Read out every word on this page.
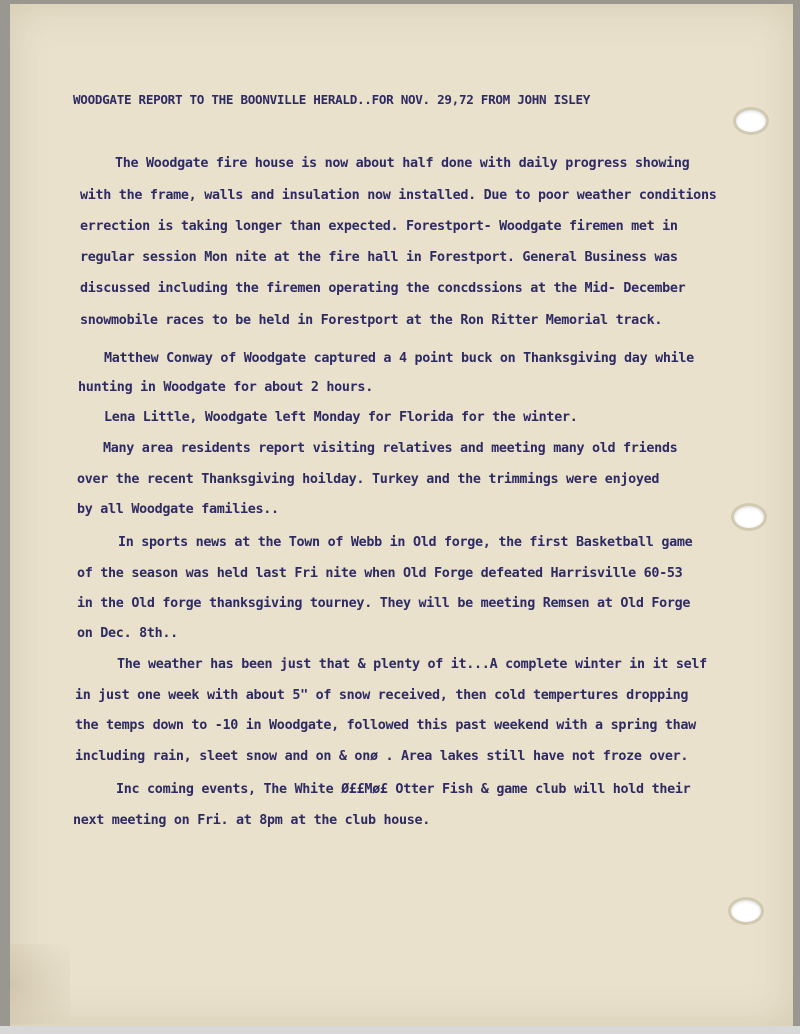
WOODGATE REPORT TO THE BOONVILLE HERALD..FOR NOV. 29,72 FROM JOHN ISLEY

The Woodgate fire house is now about half done with daily progress showing

with the frame, walls and insulation now installed. Due to poor weather conditions

errection is taking longer than expected. Forestport- Woodgate firemen met in

regular session Mon nite at the fire hall in Forestport. General Business was

discussed including the firemen operating the concdssions at the Mid- December

snowmobile races to be held in Forestport at the Ron Ritter Memorial track.

Matthew Conway of Woodgate captured a 4 point buck on Thanksgiving day while

hunting in Woodgate for about 2 hours.

Lena Little, Woodgate left Monday for Florida for the winter.

Many area residents report visiting relatives and meeting many old friends

over the recent Thanksgiving hoilday. Turkey and the trimmings were enjoyed

by all Woodgate families..

In sports news at the Town of Webb in Old forge, the first Basketball game

of the season was held last Fri nite when Old Forge defeated Harrisville 60-53

in the Old forge thanksgiving tourney. They will be meeting Remsen at Old Forge

on Dec. 8th..

The weather has been just that & plenty of it...A complete winter in it self

in just one week with about 5" of snow received, then cold tempertures dropping

the temps down to -10 in Woodgate, followed this past weekend with a spring thaw

including rain, sleet snow and on & onø . Area lakes still have not froze over.

Inc coming events, The White Ø££Mø£ Otter Fish & game club will hold their

next meeting on Fri. at 8pm at the club house.
